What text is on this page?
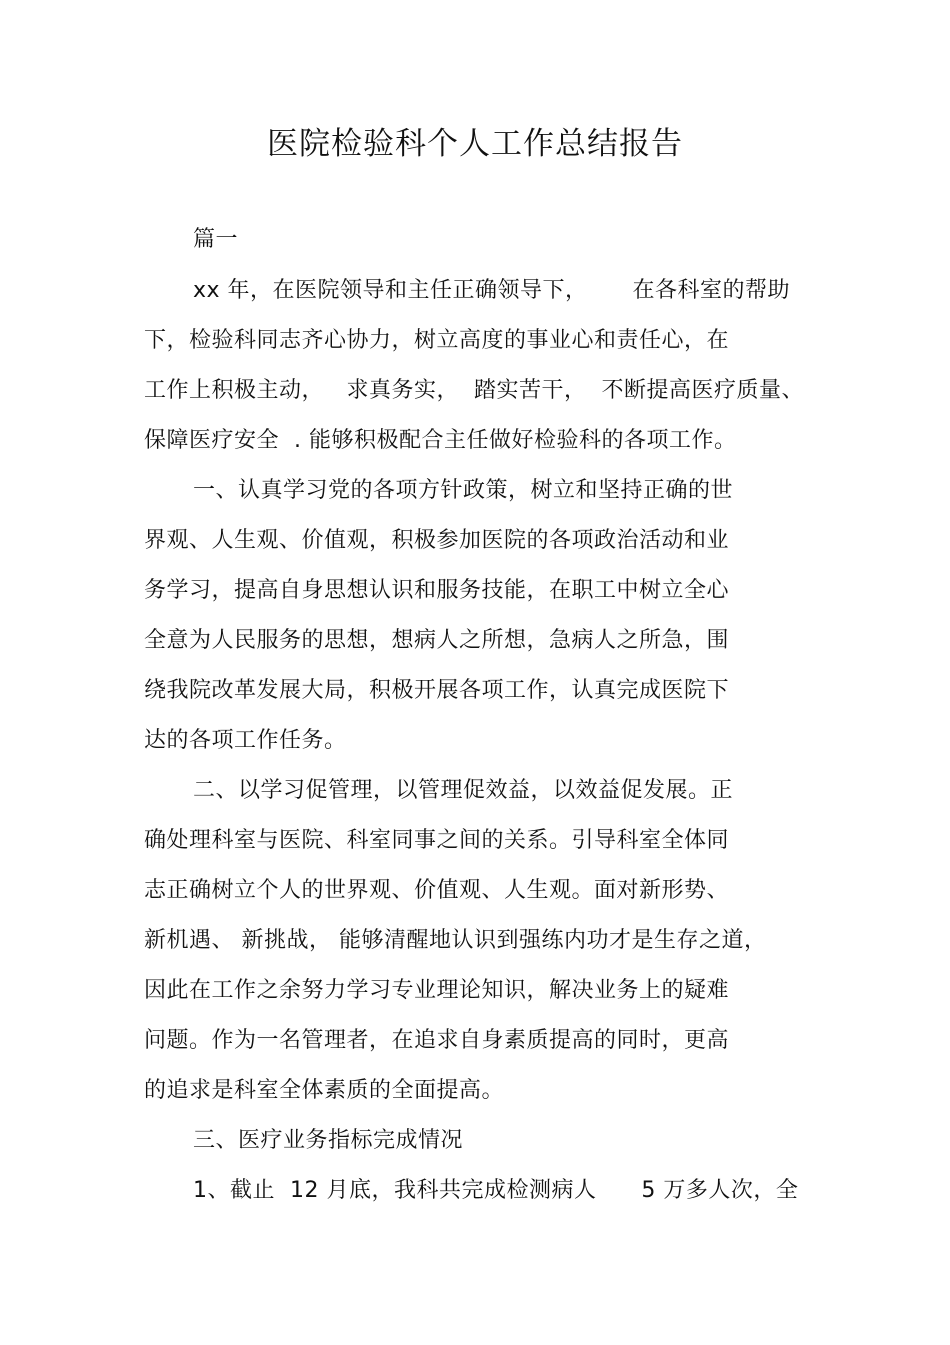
医院检验科个人工作总结报告
篇一
xx 年，在医院领导和主任正确领导下，      在各科室的帮助
下，检验科同志齐心协力，树立高度的事业心和责任心，在
工作上积极主动，   求真务实，  踏实苦干，  不断提高医疗质量、
保障医疗安全  . 能够积极配合主任做好检验科的各项工作。
一、认真学习党的各项方针政策，树立和坚持正确的世
界观、人生观、价值观，积极参加医院的各项政治活动和业
务学习，提高自身思想认识和服务技能，在职工中树立全心
全意为人民服务的思想，想病人之所想，急病人之所急，围
绕我院改革发展大局，积极开展各项工作，认真完成医院下
达的各项工作任务。
二、以学习促管理，以管理促效益，以效益促发展。正
确处理科室与医院、科室同事之间的关系。引导科室全体同
志正确树立个人的世界观、价值观、人生观。面对新形势、
新机遇、 新挑战， 能够清醒地认识到强练内功才是生存之道，
因此在工作之余努力学习专业理论知识，解决业务上的疑难
问题。作为一名管理者，在追求自身素质提高的同时，更高
的追求是科室全体素质的全面提高。
三、医疗业务指标完成情况
1、截止  12 月底，我科共完成检测病人      5 万多人次，全
